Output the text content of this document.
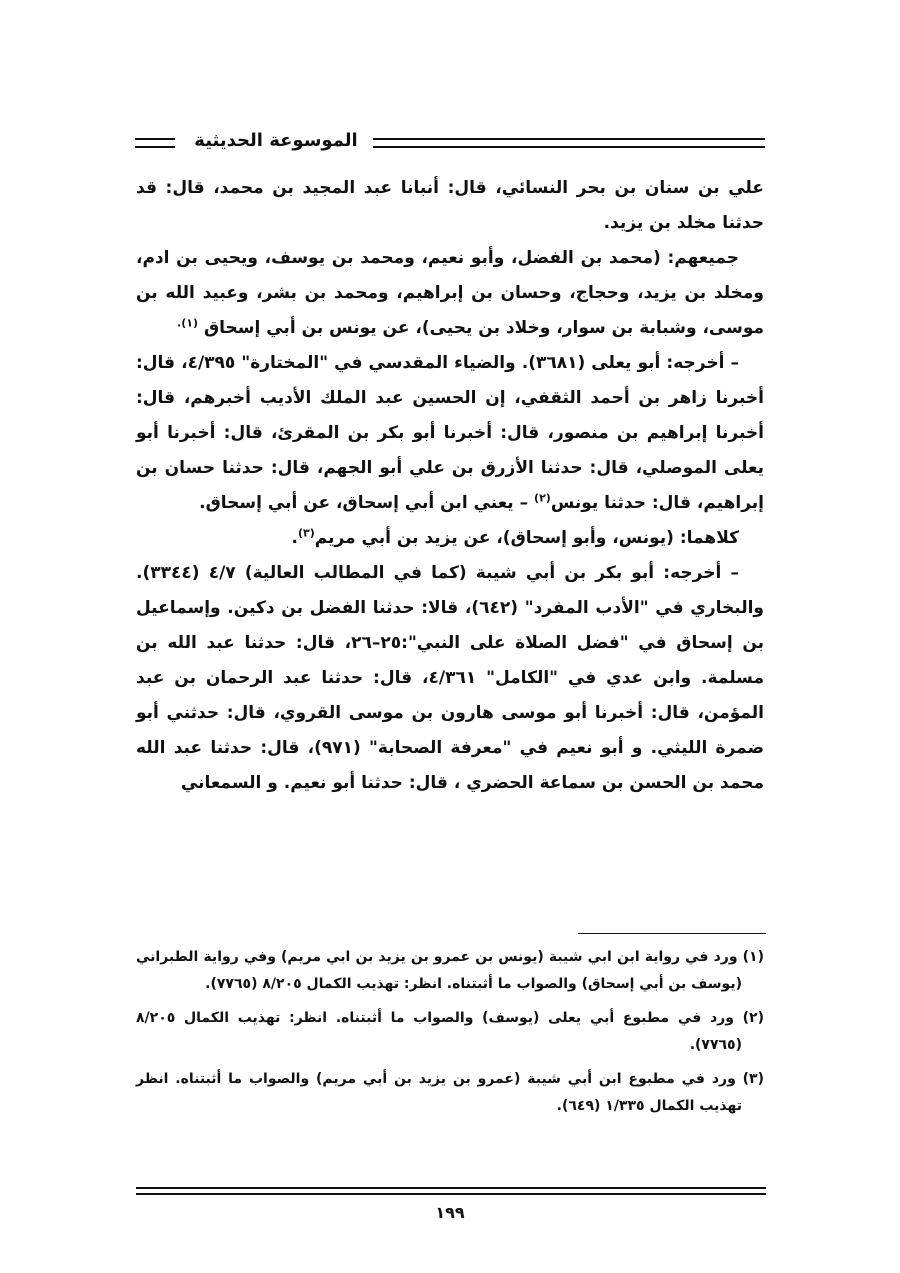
الموسوعة الحديثية

علي بن سنان بن بحر النسائي، قال: أنبانا عبد المجيد بن محمد، قال: قد حدثنا مخلد بن يزيد.

جميعهم: (محمد بن الفضل، وأبو نعيم، ومحمد بن يوسف، ويحيى بن ادم، ومخلد بن يزيد، وحجاج، وحسان بن إبراهيم، ومحمد بن بشر، وعبيد الله بن موسى، وشبابة بن سوار، وخلاد بن يحيى)، عن يونس بن أبي إسحاق $^{(١).}$

– أخرجه: أبو يعلى (٣٦٨١). والضياء المقدسي في "المختارة" ٤/٣٩٥، قال: أخبرنا زاهر بن أحمد الثقفي، إن الحسين عبد الملك الأديب أخبرهم، قال: أخبرنا إبراهيم بن منصور، قال: أخبرنا أبو بكر بن المقرئ، قال: أخبرنا أبو يعلى الموصلي، قال: حدثنا الأزرق بن علي أبو الجهم، قال: حدثنا حسان بن إبراهيم، قال: حدثنا يونس$^{(٢)}$ – يعني ابن أبي إسحاق، عن أبي إسحاق.

كلاهما: (يونس، وأبو إسحاق)، عن يزيد بن أبي مريم$^{(٣)}$.

– أخرجه: أبو بكر بن أبي شيبة (كما في المطالب العالية) ٤/٧ (٣٣٤٤). والبخاري في "الأدب المفرد" (٦٤٢)، قالا: حدثنا الفضل بن دكين. وإسماعيل بن إسحاق في "فضل الصلاة على النبي":٢٥–٢٦، قال: حدثنا عبد الله بن مسلمة. وابن عدي في "الكامل" ٤/٣٦١، قال: حدثنا عبد الرحمان بن عبد المؤمن، قال: أخبرنا أبو موسى هارون بن موسى القروي، قال: حدثني أبو ضمرة الليثي. و أبو نعيم في "معرفة الصحابة" (٩٧١)، قال: حدثنا عبد الله محمد بن الحسن بن سماعة الحضري ، قال: حدثنا أبو نعيم. و السمعاني

(١) ورد في رواية ابن ابي شيبة (يونس بن عمرو بن يزيد بن ابي مريم) وفي رواية الطبراني (يوسف بن أبي إسحاق) والصواب ما أثبتناه. انظر: تهذيب الكمال ٨/٢٠٥ (٧٧٦٥).

(٢) ورد في مطبوع أبي يعلى (يوسف) والصواب ما أثبتناه. انظر: تهذيب الكمال ٨/٢٠٥ (٧٧٦٥).

(٣) ورد في مطبوع ابن أبي شيبة (عمرو بن يزيد بن أبي مريم) والصواب ما أثبتناه. انظر تهذيب الكمال ١/٣٣٥ (٦٤٩).

١٩٩
